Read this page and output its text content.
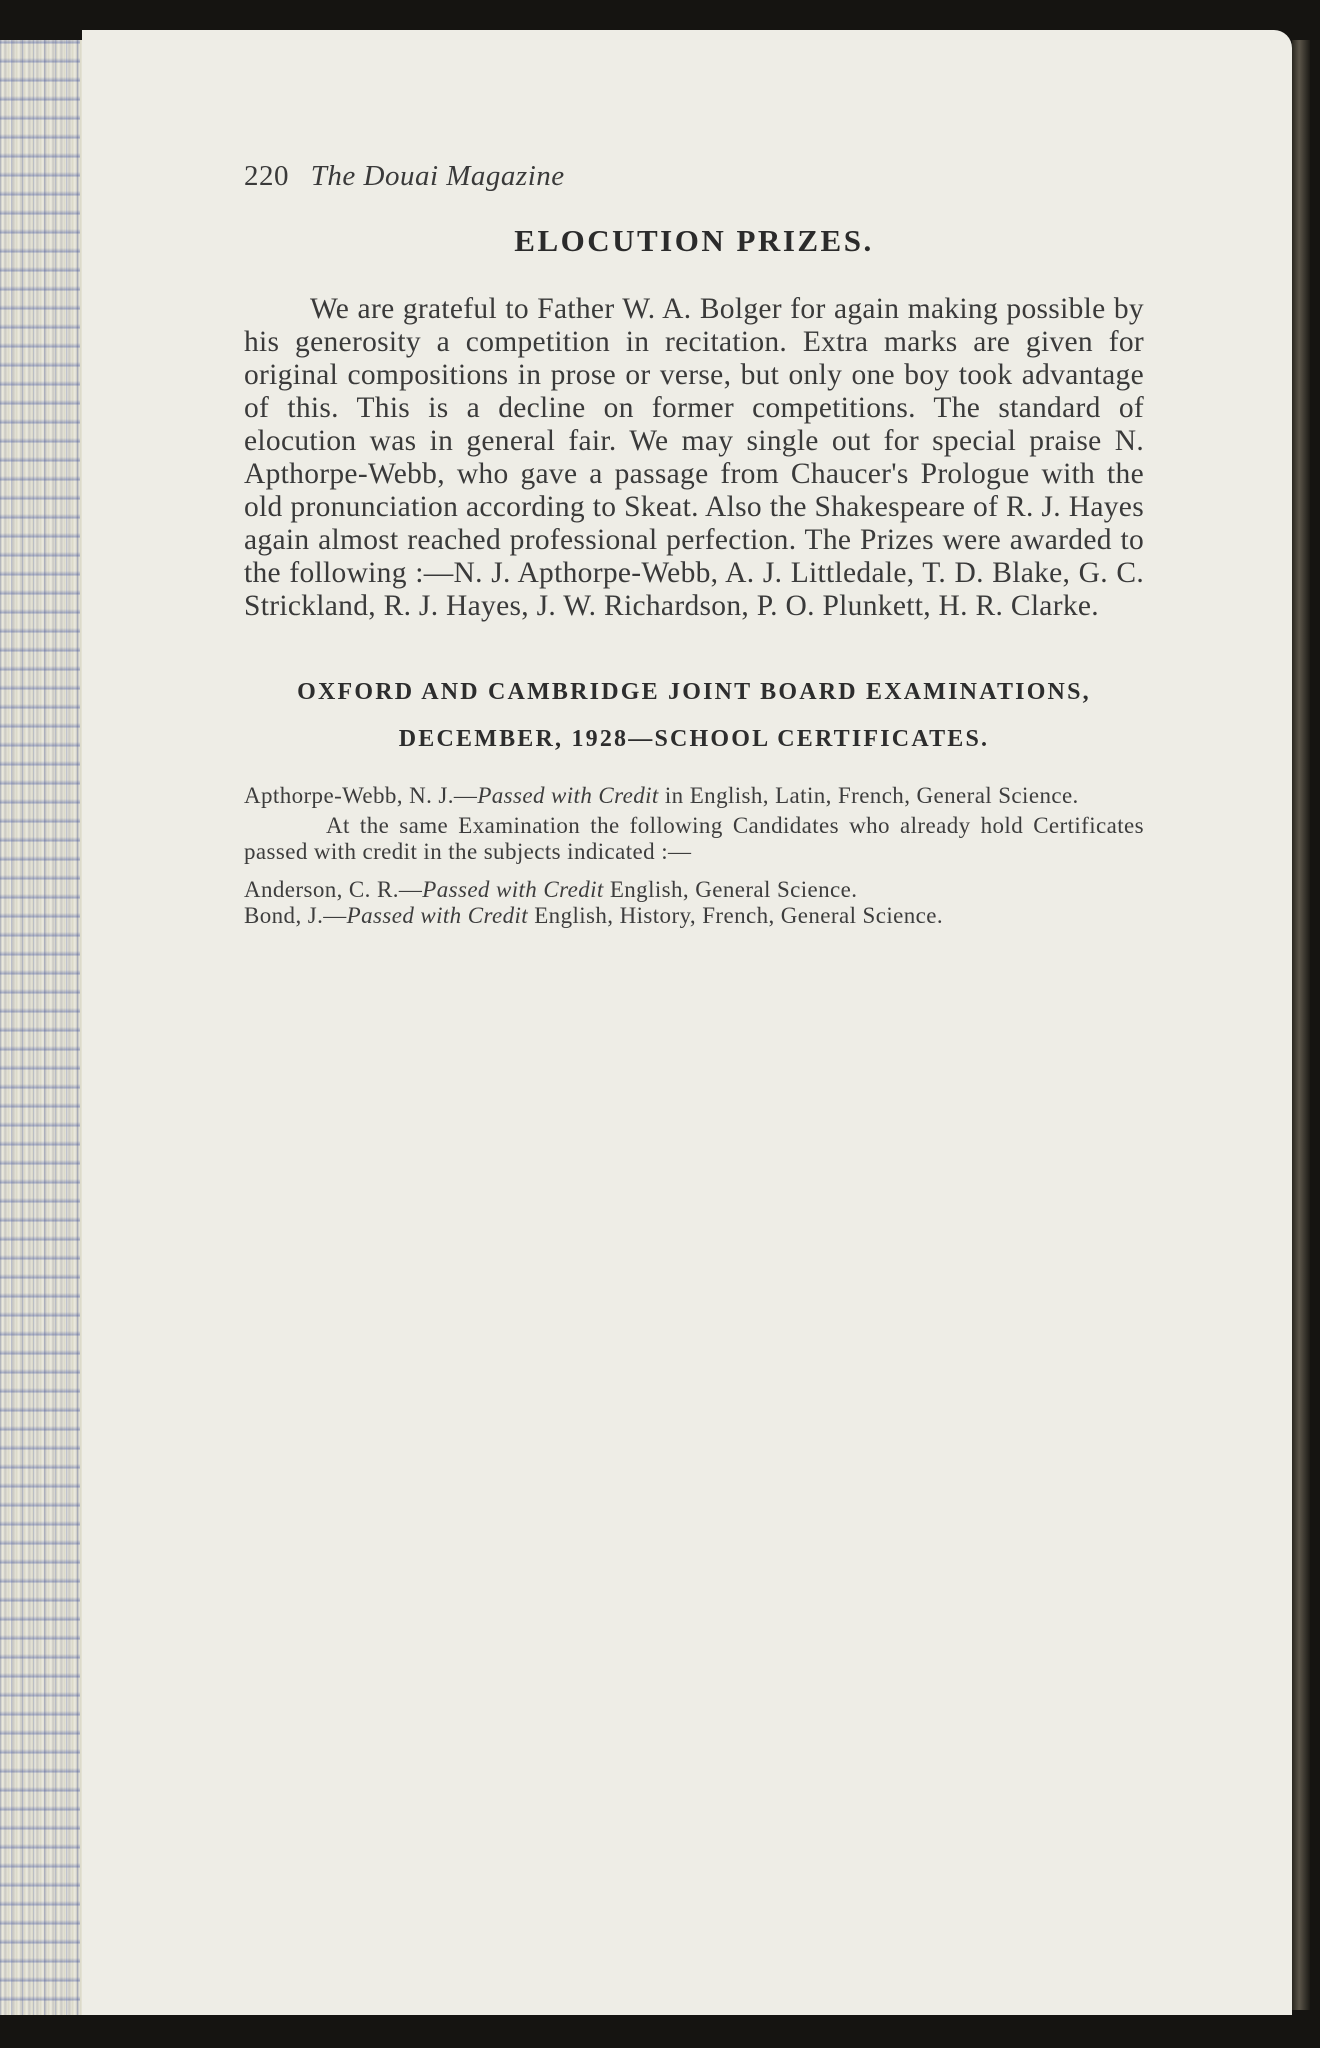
220 The Douai Magazine
ELOCUTION PRIZES.

We are grateful to Father W. A. Bolger for again making possible by his generosity a competition in recitation. Extra marks are given for original compositions in prose or verse, but only one boy took advantage of this. This is a decline on former competitions. The standard of elocution was in general fair. We may single out for special praise N. Apthorpe-Webb, who gave a passage from Chaucer's Prologue with the old pronunciation according to Skeat. Also the Shakespeare of R. J. Hayes again almost reached professional perfection. The Prizes were awarded to the following :—N. J. Apthorpe-Webb, A. J. Littledale, T. D. Blake, G. C. Strickland, R. J. Hayes, J. W. Richardson, P. O. Plunkett, H. R. Clarke.

OXFORD AND CAMBRIDGE JOINT BOARD EXAMINATIONS,
DECEMBER, 1928—SCHOOL CERTIFICATES.

Apthorpe-Webb, N. J.—Passed with Credit in English, Latin, French, General Science.

At the same Examination the following Candidates who already hold Certificates passed with credit in the subjects indicated :—

Anderson, C. R.—Passed with Credit English, General Science.

Bond, J.—Passed with Credit English, History, French, General Science.
